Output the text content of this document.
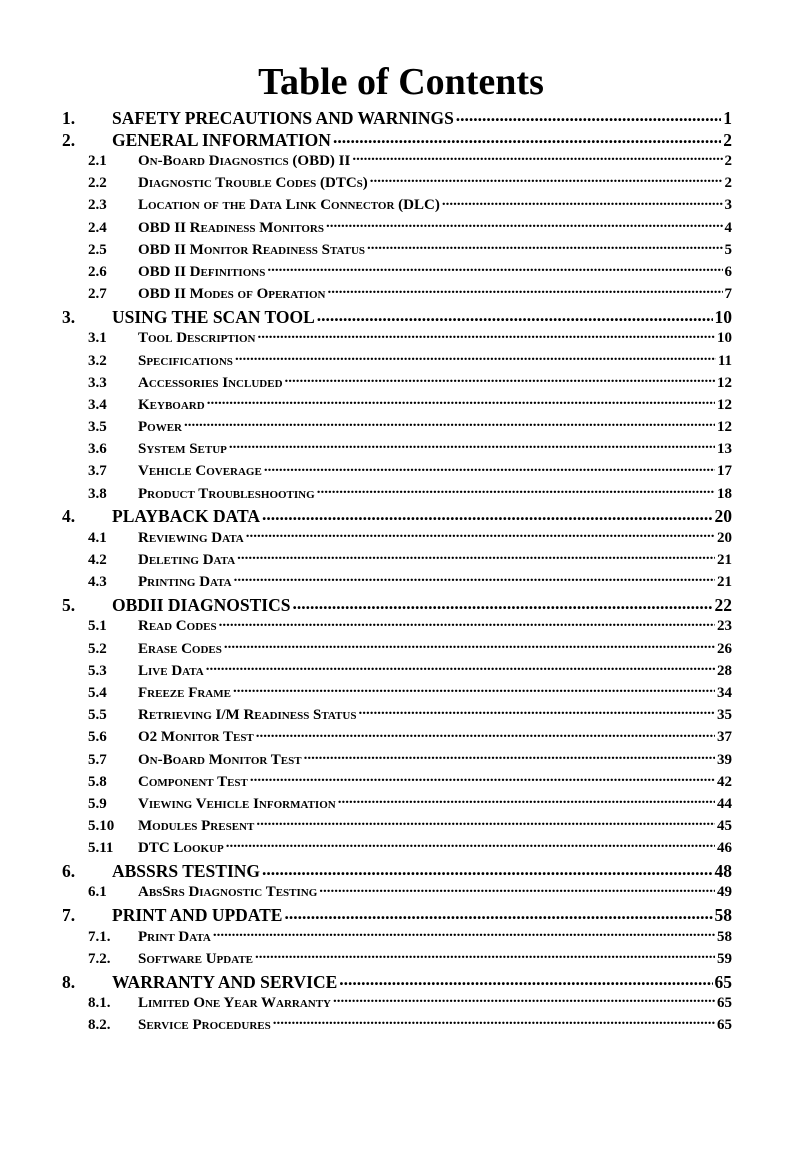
Table of Contents
1.	SAFETY PRECAUTIONS AND WARNINGS .....	1
2.	GENERAL INFORMATION .....	2
2.1	On-Board Diagnostics (OBD) II .....	2
2.2	Diagnostic Trouble Codes (DTCs) .....	2
2.3	Location of the Data Link Connector (DLC) .....	3
2.4	OBD II Readiness Monitors .....	4
2.5	OBD II Monitor Readiness Status .....	5
2.6	OBD II Definitions .....	6
2.7	OBD II Modes of Operation .....	7
3.	USING THE SCAN TOOL .....	10
3.1	Tool Description .....	10
3.2	Specifications .....	11
3.3	Accessories Included .....	12
3.4	Keyboard .....	12
3.5	Power .....	12
3.6	System Setup .....	13
3.7	Vehicle Coverage .....	17
3.8	Product Troubleshooting .....	18
4.	PLAYBACK DATA .....	20
4.1	Reviewing Data .....	20
4.2	Deleting Data .....	21
4.3	Printing Data .....	21
5.	OBDII DIAGNOSTICS .....	22
5.1	Read Codes .....	23
5.2	Erase Codes .....	26
5.3	Live Data .....	28
5.4	Freeze Frame .....	34
5.5	Retrieving I/M Readiness Status .....	35
5.6	O2 Monitor Test .....	37
5.7	On-Board Monitor Test .....	39
5.8	Component Test .....	42
5.9	Viewing Vehicle Information .....	44
5.10	Modules Present .....	45
5.11	DTC Lookup .....	46
6.	ABSSRS TESTING .....	48
6.1	AbsSrs Diagnostic Testing .....	49
7.	PRINT AND UPDATE .....	58
7.1.	Print Data .....	58
7.2.	Software Update .....	59
8.	WARRANTY AND SERVICE .....	65
8.1.	Limited One Year Warranty .....	65
8.2.	Service Procedures .....	65
